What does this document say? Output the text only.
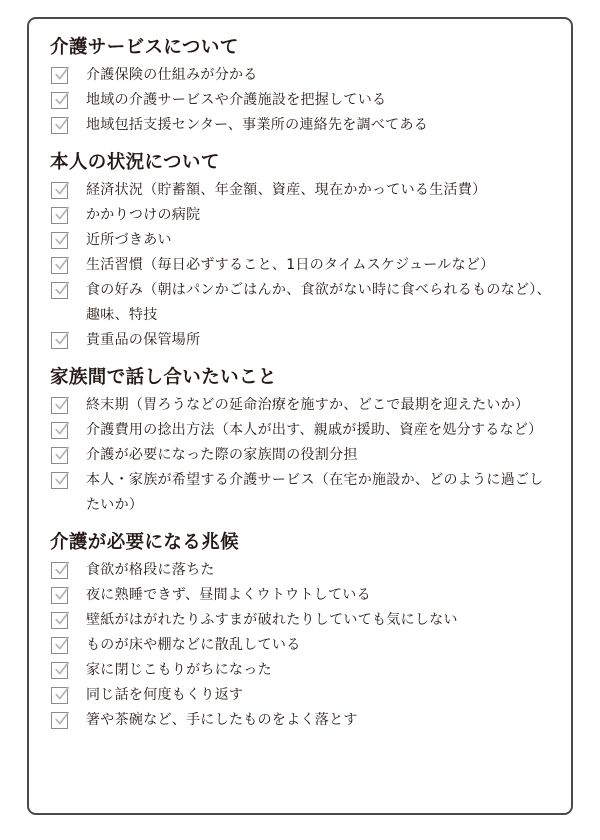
介護サービスについて
介護保険の仕組みが分かる
地域の介護サービスや介護施設を把握している
地域包括支援センター、事業所の連絡先を調べてある
本人の状況について
経済状況（貯蓄額、年金額、資産、現在かかっている生活費）
かかりつけの病院
近所づきあい
生活習慣（毎日必ずすること、1日のタイムスケジュールなど）
食の好み（朝はパンかごはんか、食欲がない時に食べられるものなど）、趣味、特技
貴重品の保管場所
家族間で話し合いたいこと
終末期（胃ろうなどの延命治療を施すか、どこで最期を迎えたいか）
介護費用の捻出方法（本人が出す、親戚が援助、資産を処分するなど）
介護が必要になった際の家族間の役割分担
本人・家族が希望する介護サービス（在宅か施設か、どのように過ごしたいか）
介護が必要になる兆候
食欲が格段に落ちた
夜に熟睡できず、昼間よくウトウトしている
壁紙がはがれたりふすまが破れたりしていても気にしない
ものが床や棚などに散乱している
家に閉じこもりがちになった
同じ話を何度もくり返す
箸や茶碗など、手にしたものをよく落とす
